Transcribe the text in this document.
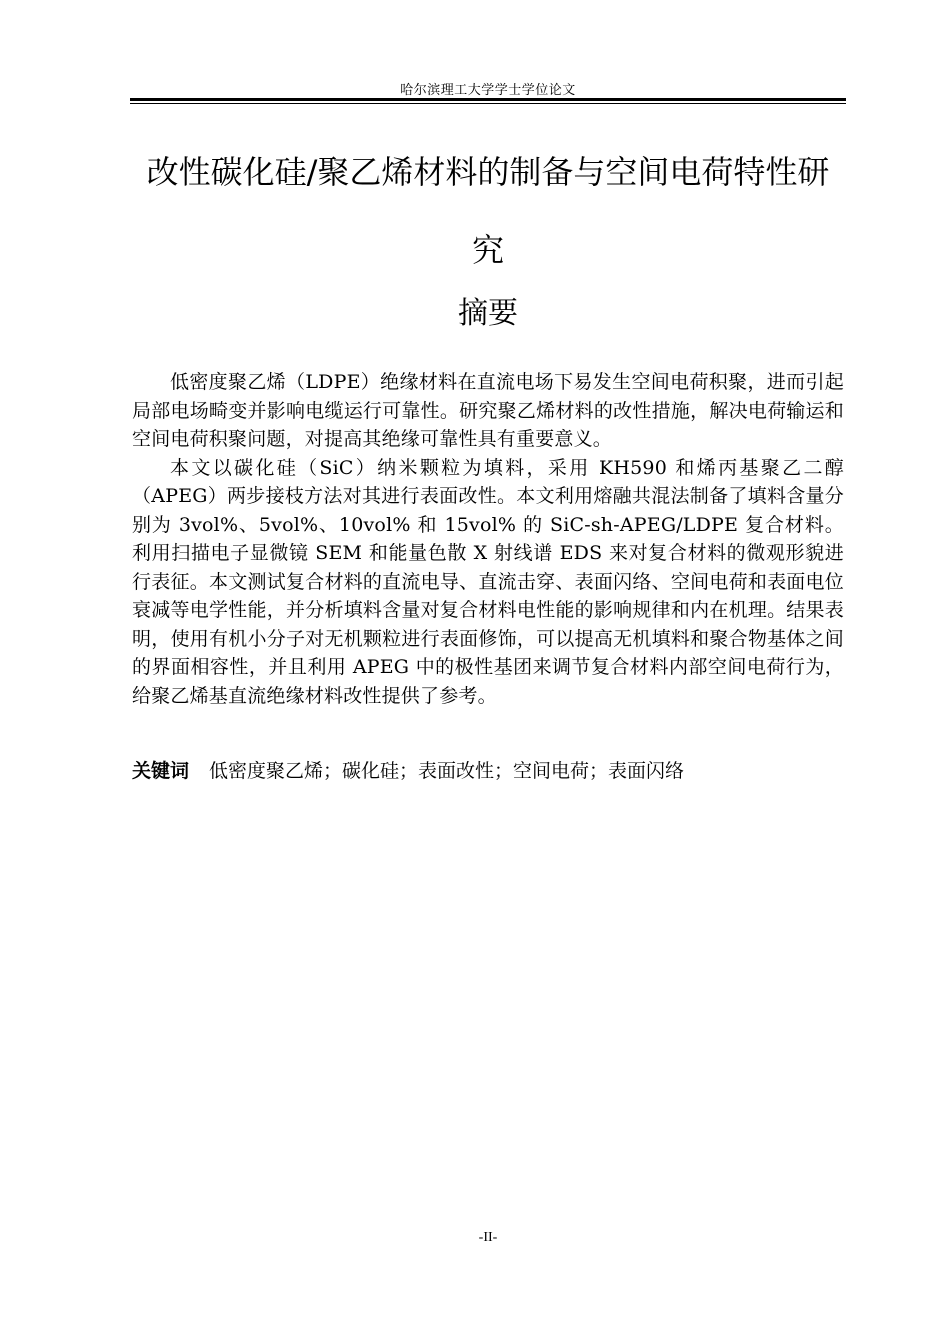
哈尔滨理工大学学士学位论文
改性碳化硅/聚乙烯材料的制备与空间电荷特性研
究
摘要

低密度聚乙烯（LDPE）绝缘材料在直流电场下易发生空间电荷积聚，进而引起局部电场畸变并影响电缆运行可靠性。研究聚乙烯材料的改性措施，解决电荷输运和空间电荷积聚问题，对提高其绝缘可靠性具有重要意义。

本文以碳化硅（SiC）纳米颗粒为填料，采用 KH590 和烯丙基聚乙二醇（APEG）两步接枝方法对其进行表面改性。本文利用熔融共混法制备了填料含量分别为 3vol%、5vol%、10vol% 和 15vol% 的 SiC-sh-APEG/LDPE 复合材料。利用扫描电子显微镜 SEM 和能量色散 X 射线谱 EDS 来对复合材料的微观形貌进行表征。本文测试复合材料的直流电导、直流击穿、表面闪络、空间电荷和表面电位衰减等电学性能，并分析填料含量对复合材料电性能的影响规律和内在机理。结果表明，使用有机小分子对无机颗粒进行表面修饰，可以提高无机填料和聚合物基体之间的界面相容性，并且利用 APEG 中的极性基团来调节复合材料内部空间电荷行为，给聚乙烯基直流绝缘材料改性提供了参考。

关键词 低密度聚乙烯；碳化硅；表面改性；空间电荷；表面闪络
-II-
